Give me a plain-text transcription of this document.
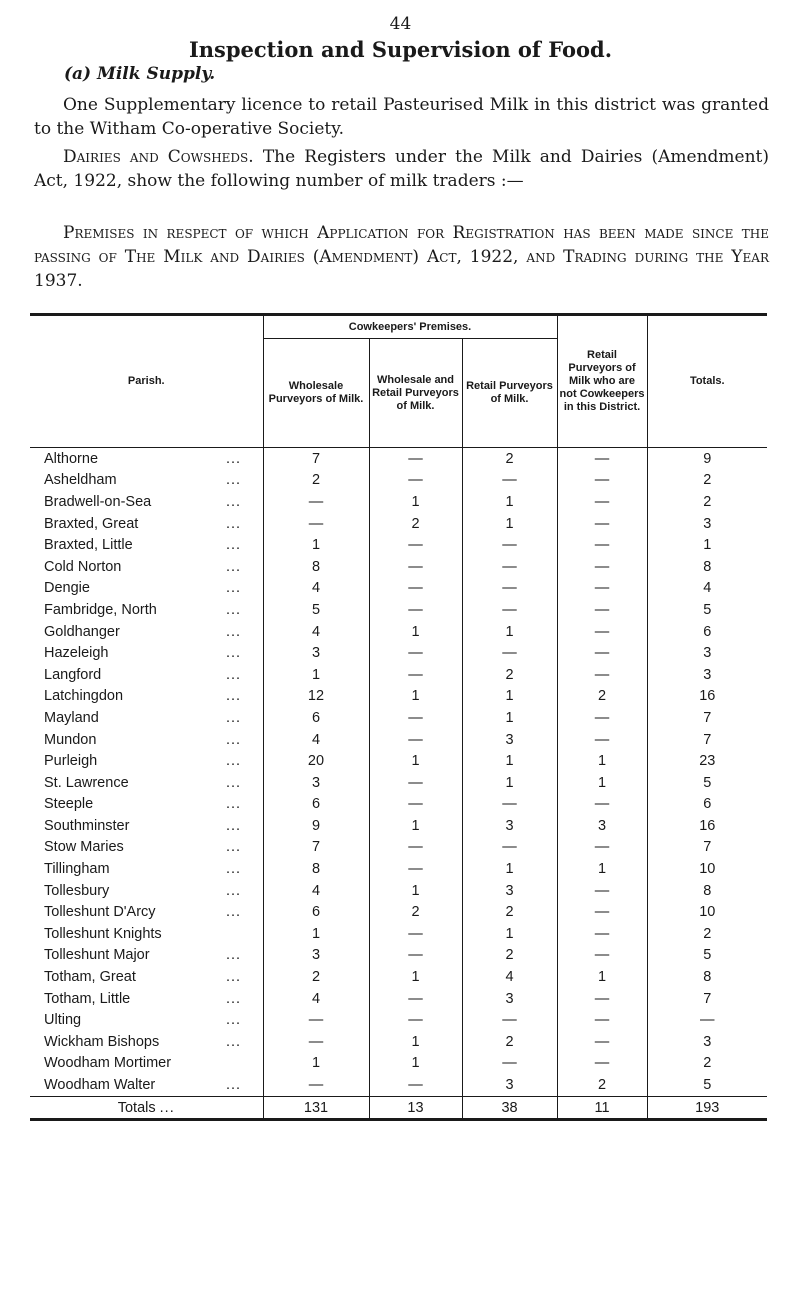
44
Inspection and Supervision of Food.
(a) Milk Supply.
One Supplementary licence to retail Pasteurised Milk in this district was granted to the Witham Co-operative Society.
Dairies and Cowsheds. The Registers under the Milk and Dairies (Amendment) Act, 1922, show the following number of milk traders :—
Premises in respect of which Application for Registration has been made since the passing of The Milk and Dairies (Amendment) Act, 1922, and Trading during the Year 1937.
Parish.	Cowkeepers' Premises.			Retail Purveyors of Milk who are not Cowkeepers in this District.	Totals.
	Wholesale Purveyors of Milk.	Wholesale and Retail Purveyors of Milk.	Retail Purveyors of Milk.		
Althorne ...	7	—	2	—	9
Asheldham ...	2	—	—	—	2
Bradwell-on-Sea ...	—	1	1	—	2
Braxted, Great ...	—	2	1	—	3
Braxted, Little ...	1	—	—	—	1
Cold Norton ...	8	—	—	—	8
Dengie ...	4	—	—	—	4
Fambridge, North ...	5	—	—	—	5
Goldhanger ...	4	1	1	—	6
Hazeleigh ...	3	—	—	—	3
Langford ...	1	—	2	—	3
Latchingdon ...	12	1	1	2	16
Mayland ...	6	—	1	—	7
Mundon ...	4	—	3	—	7
Purleigh ...	20	1	1	1	23
St. Lawrence ...	3	—	1	1	5
Steeple ...	6	—	—	—	6
Southminster ...	9	1	3	3	16
Stow Maries ...	7	—	—	—	7
Tillingham ...	8	—	1	1	10
Tollesbury ...	4	1	3	—	8
Tolleshunt D'Arcy ...	6	2	2	—	10
Tolleshunt Knights	1	—	1	—	2
Tolleshunt Major ...	3	—	2	—	5
Totham, Great ...	2	1	4	1	8
Totham, Little ...	4	—	3	—	7
Ulting ...	—	—	—	—	—
Wickham Bishops ...	—	1	2	—	3
Woodham Mortimer	1	1	—	—	2
Woodham Walter ...	—	—	3	2	5
Totals ...	131	13	38	11	193
